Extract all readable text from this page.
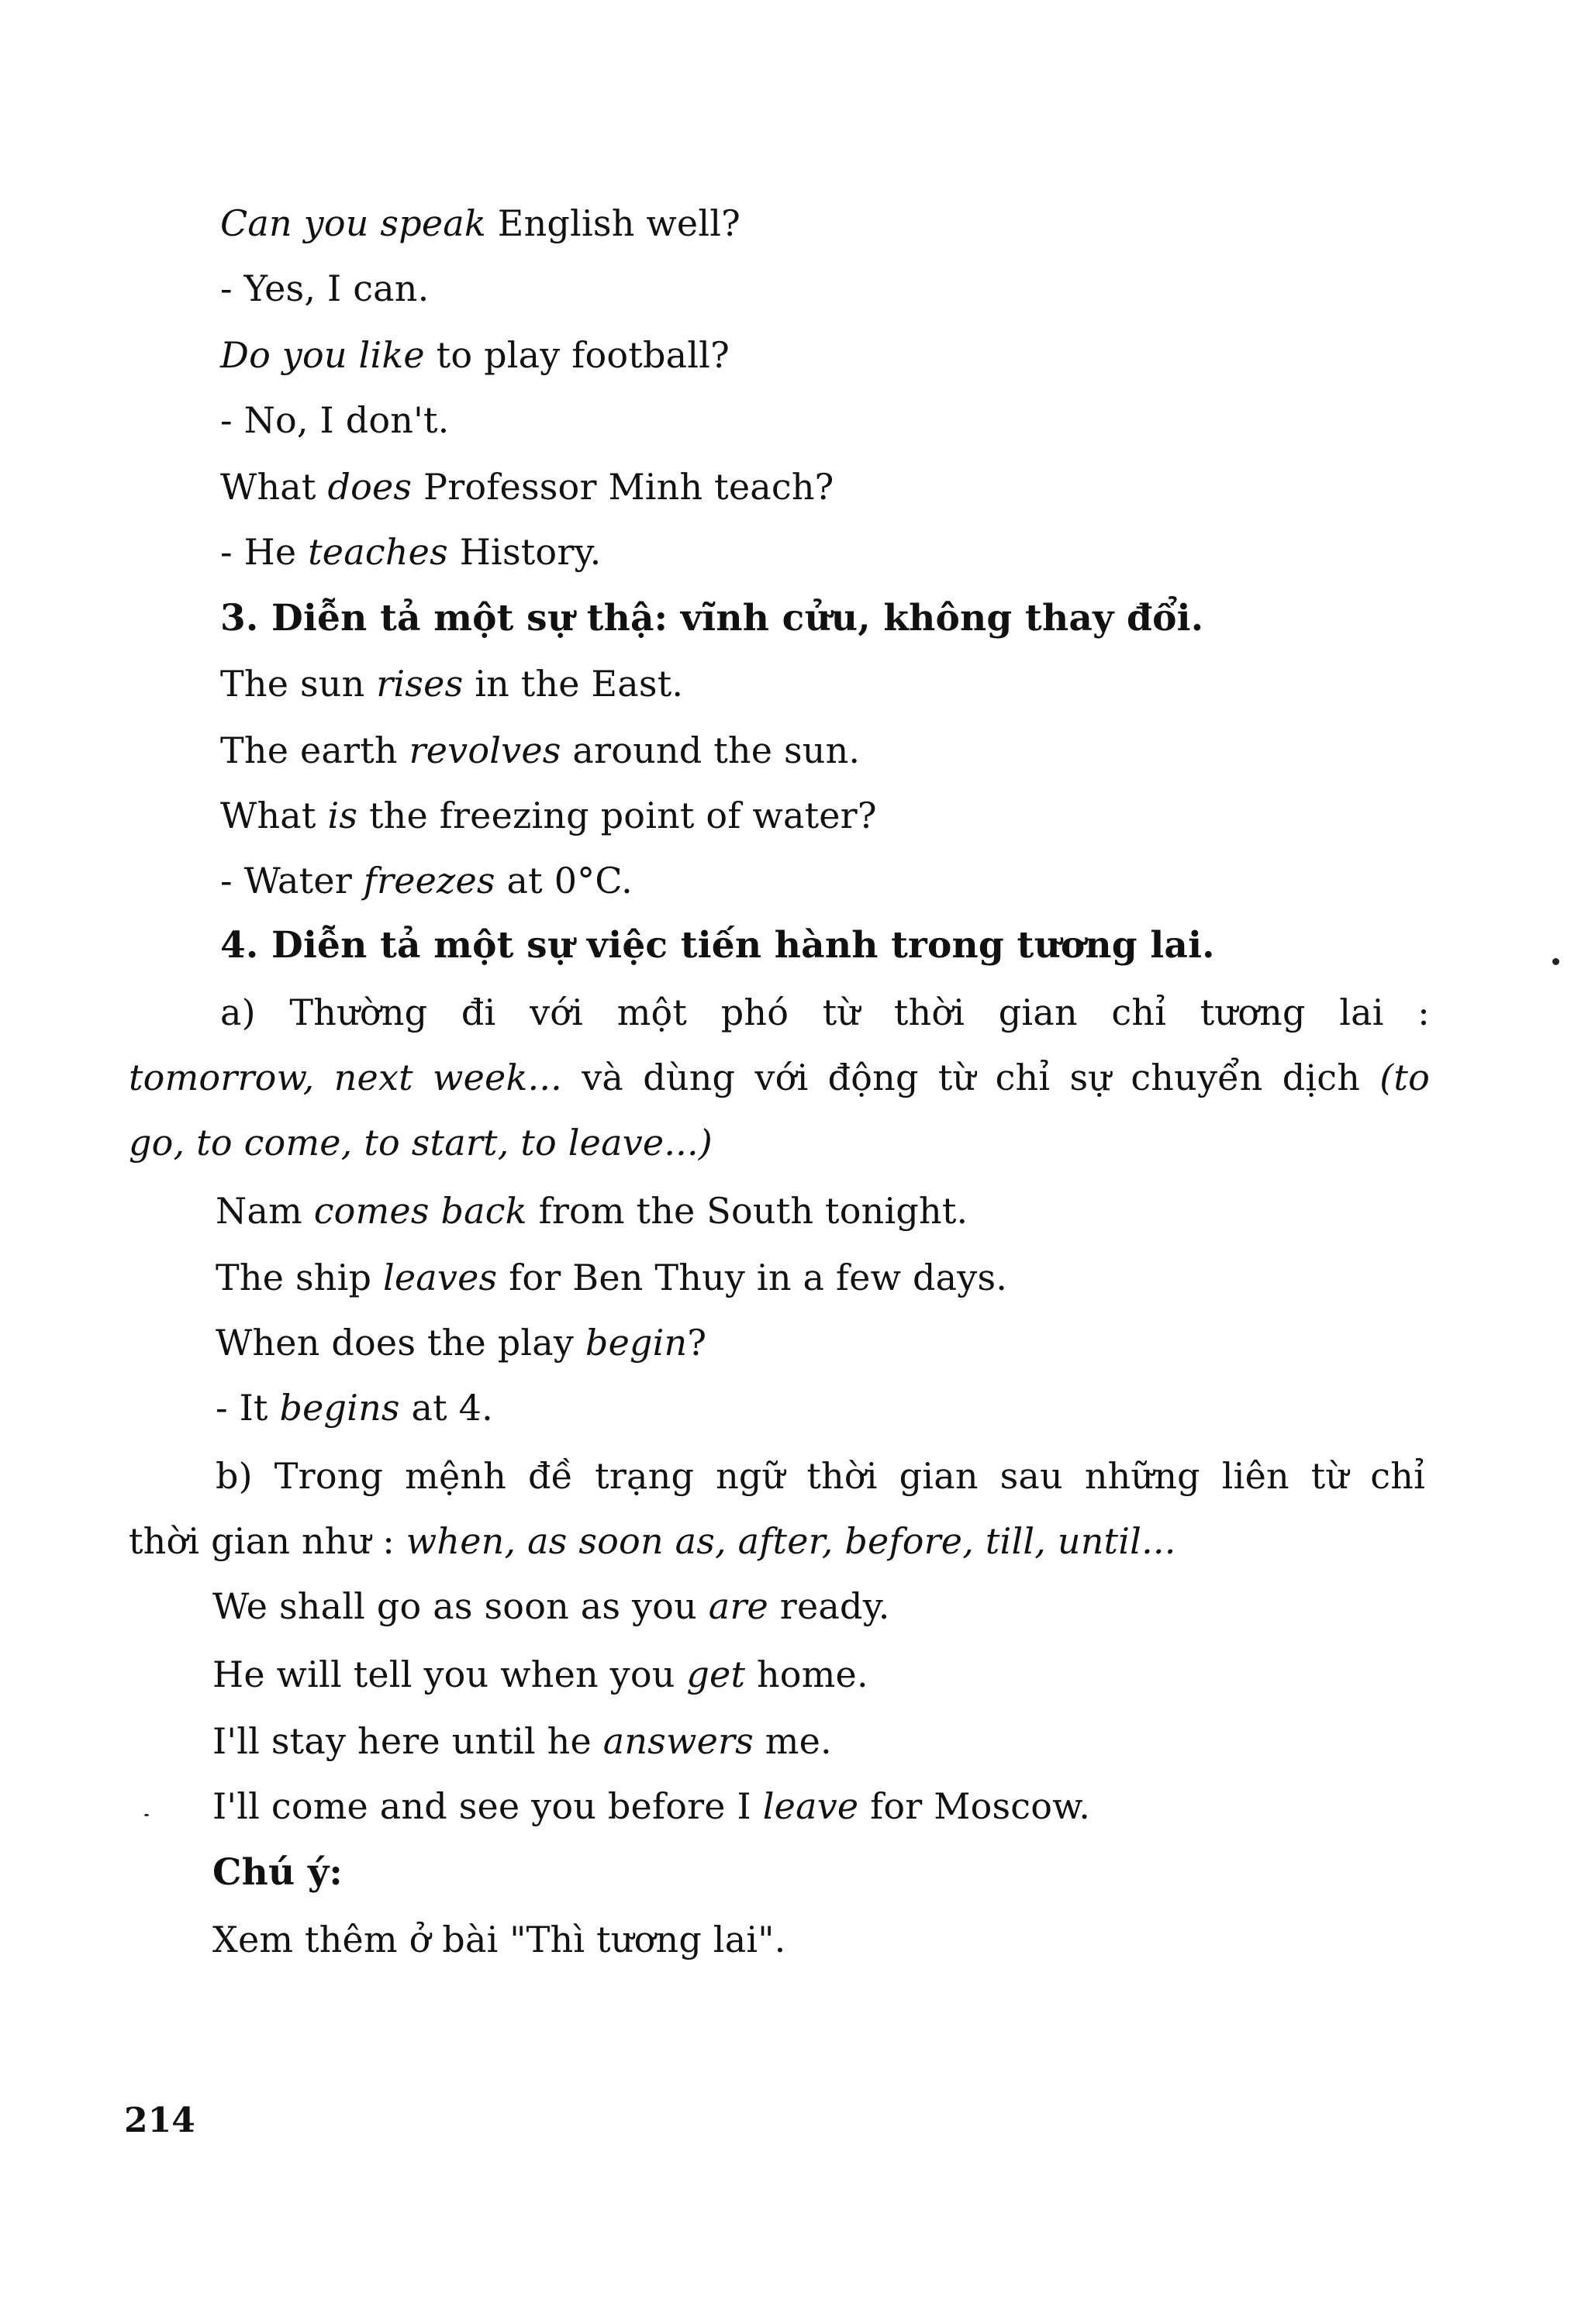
Can you speak English well?
- Yes, I can.
Do you like to play football?
- No, I don't.
What does Professor Minh teach?
- He teaches History.
3. Diễn tả một sự thậ: vĩnh cửu, không thay đổi.
The sun rises in the East.
The earth revolves around the sun.
What is the freezing point of water?
- Water freezes at 0°C.
4. Diễn tả một sự việc tiến hành trong tương lai.
a) Thường đi với một phó từ thời gian chỉ tương lai :
tomorrow, next week... và dùng với động từ chỉ sự chuyển dịch (to
go, to come, to start, to leave...)
Nam comes back from the South tonight.
The ship leaves for Ben Thuy in a few days.
When does the play begin?
- It begins at 4.
b) Trong mệnh đề trạng ngữ thời gian sau những liên từ chỉ
thời gian như : when, as soon as, after, before, till, until...
We shall go as soon as you are ready.
He will tell you when you get home.
I'll stay here until he answers me.
I'll come and see you before I leave for Moscow.
Chú ý:
Xem thêm ở bài "Thì tương lai".
214
